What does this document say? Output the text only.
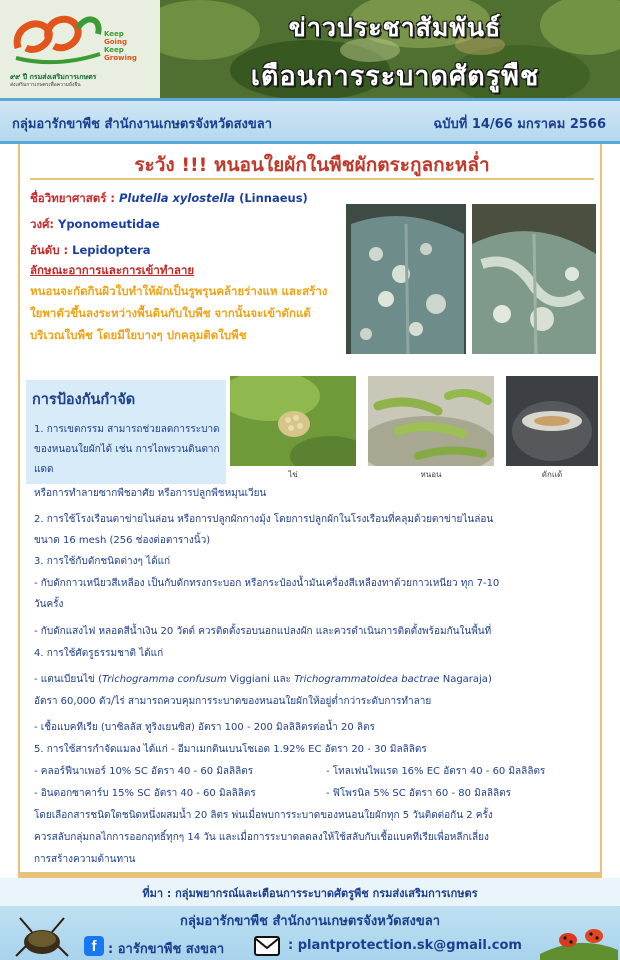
Keep
Going
Keep
Growing
๙๙ ปี กรมส่งเสริมการเกษตร
ส่งเสริมการเกษตรเพื่อความยั่งยืน
ข่าวประชาสัมพันธ์
เตือนการระบาดศัตรูพืช
กลุ่มอารักขาพืช สำนักงานเกษตรจังหวัดสงขลา	ฉบับที่ 14/66 มกราคม 2566
ระวัง !!! หนอนใยผักในพืชผักตระกูลกะหล่ำ
ชื่อวิทยาศาสตร์ : Plutella xylostella (Linnaeus)
วงศ์: Yponomeutidae
อันดับ : Lepidoptera
ลักษณะอาการและการเข้าทำลาย
หนอนจะกัดกินผิวใบทำให้ผักเป็นรูพรุนคล้ายร่างแห และสร้างใยพาตัวขึ้นลงระหว่างพื้นดินกับใบพืช จากนั้นจะเข้าดักแด้บริเวณใบพืช โดยมีใยบางๆ ปกคลุมติดใบพืช
การป้องกันกำจัด
1. การเขตกรรม สามารถช่วยลดการระบาดของหนอนใยผักได้ เช่น การไถพรวนดินตากแดด	ไข่	หนอน	ดักแด้
หรือการทำลายซากพืชอาศัย หรือการปลูกพืชหมุนเวียน
2. การใช้โรงเรือนตาข่ายไนล่อน หรือการปลูกผักกางมุ้ง โดยการปลูกผักในโรงเรือนที่คลุมด้วยตาข่ายไนล่อน
ขนาด 16 mesh (256 ช่องต่อตารางนิ้ว)
3. การใช้กับดักชนิดต่างๆ ได้แก่
- กับดักกาวเหนียวสีเหลือง เป็นกับดักทรงกระบอก หรือกระป๋องน้ำมันเครื่องสีเหลืองทาด้วยกาวเหนียว ทุก 7-10
วันครั้ง
- กับดักแสงไฟ หลอดสีน้ำเงิน 20 วัตต์ ควรติดตั้งรอบนอกแปลงผัก และควรดำเนินการติดตั้งพร้อมกันในพื้นที่
4. การใช้ศัตรูธรรมชาติ ได้แก่
- แตนเบียนไข่ (Trichogramma confusum Viggiani และ Trichogrammatoidea bactrae Nagaraja)
อัตรา 60,000 ตัว/ไร่ สามารถควบคุมการระบาดของหนอนใยผักให้อยู่ต่ำกว่าระดับการทำลาย
- เชื้อแบคทีเรีย (บาซิลลัส ทูริงเยนซิส) อัตรา 100 - 200 มิลลิลิตรต่อน้ำ 20 ลิตร
5. การใช้สารกำจัดแมลง ได้แก่ - อีมาเมกตินเบนโซเอต 1.92% EC อัตรา 20 - 30 มิลลิลิตร
- คลอร์ฟีนาเพอร์ 10% SC อัตรา 40 - 60 มิลลิลิตร	- โทลเฟนไพแรด 16% EC อัตรา 40 - 60 มิลลิลิตร
- อินดอกซาคาร์บ 15% SC อัตรา 40 - 60 มิลลิลิตร	- ฟิโพรนิล 5% SC อัตรา 60 - 80 มิลลิลิตร
โดยเลือกสารชนิดใดชนิดหนึ่งผสมน้ำ 20 ลิตร พ่นเมื่อพบการระบาดของหนอนใยผักทุก 5 วันติดต่อกัน 2 ครั้ง
ควรสลับกลุ่มกลไกการออกฤทธิ์ทุกๆ 14 วัน และเมื่อการระบาดลดลงให้ใช้สลับกับเชื้อแบคทีเรียเพื่อหลีกเลี่ยง
การสร้างความต้านทาน
ที่มา : กลุ่มพยากรณ์และเตือนการระบาดศัตรูพืช กรมส่งเสริมการเกษตร
กลุ่มอารักขาพืช สำนักงานเกษตรจังหวัดสงขลา
f : อารักขาพืช สงขลา	: plantprotection.sk@gmail.com
